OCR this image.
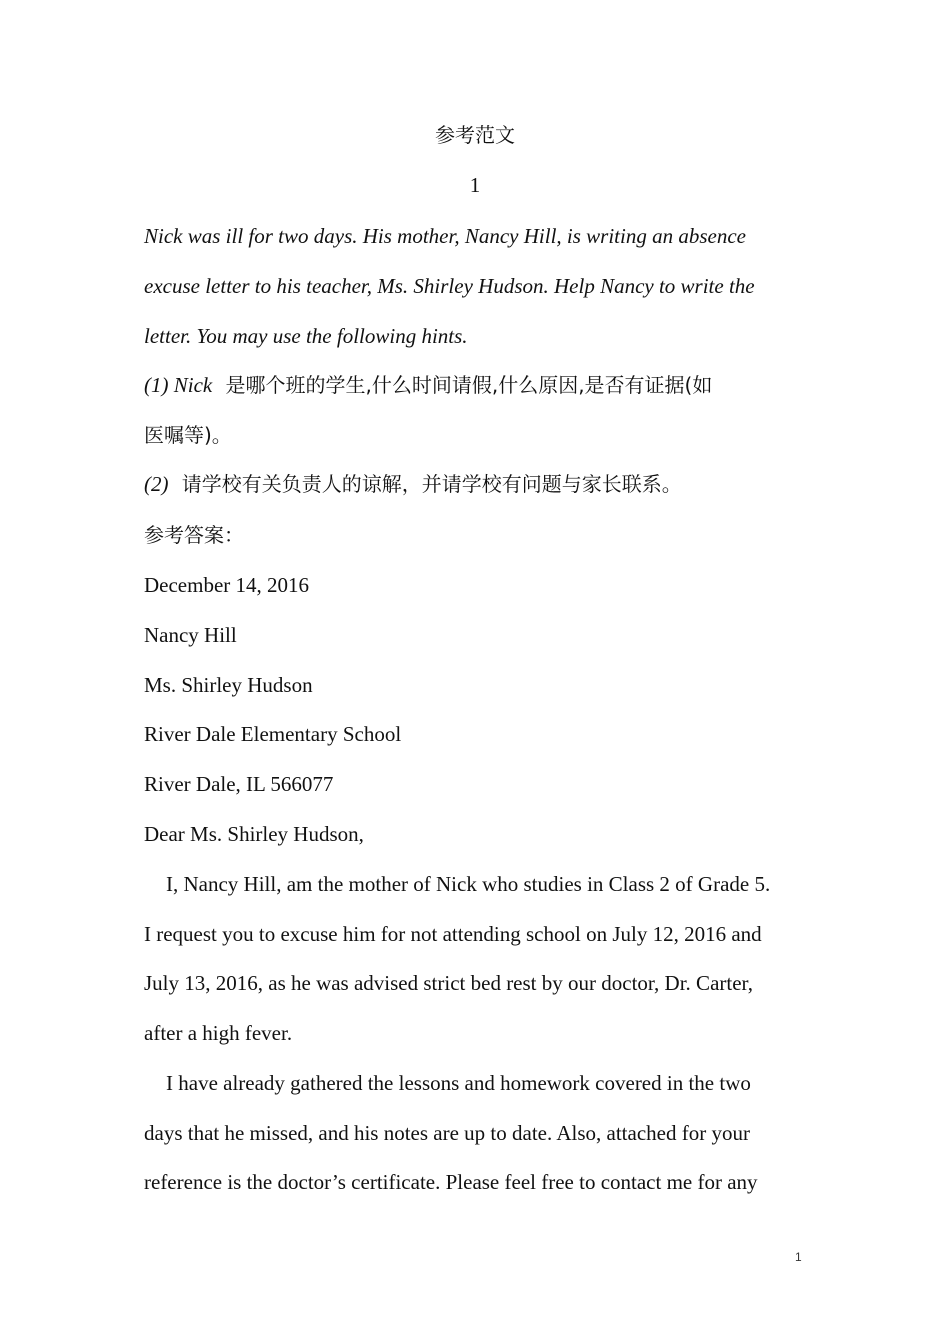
参考范文
1
Nick was ill for two days. His mother, Nancy Hill, is writing an absence
excuse letter to his teacher, Ms. Shirley Hudson. Help Nancy to write the
letter. You may use the following hints.
(1) Nick 是哪个班的学生,什么时间请假,什么原因,是否有证据(如
医嘱等)。
(2) 请学校有关负责人的谅解，并请学校有问题与家长联系。
参考答案：
December 14, 2016
Nancy Hill
Ms. Shirley Hudson
River Dale Elementary School
River Dale, IL 566077
Dear Ms. Shirley Hudson,
I, Nancy Hill, am the mother of Nick who studies in Class 2 of Grade 5.
I request you to excuse him for not attending school on July 12, 2016 and
July 13, 2016, as he was advised strict bed rest by our doctor, Dr. Carter,
after a high fever.
I have already gathered the lessons and homework covered in the two
days that he missed, and his notes are up to date. Also, attached for your
reference is the doctor’s certificate. Please feel free to contact me for any
1
